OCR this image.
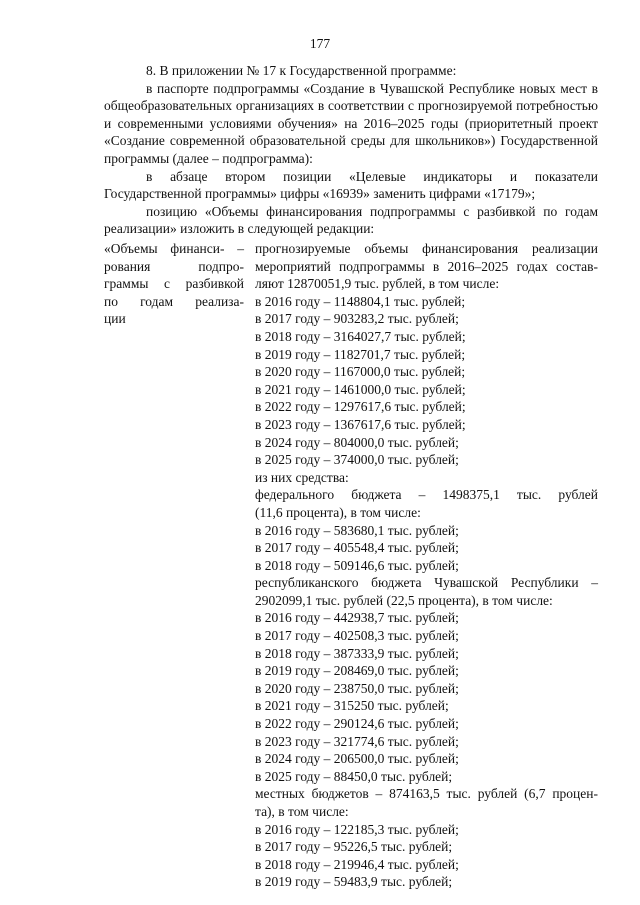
177

8. В приложении № 17 к Государственной программе:

в паспорте подпрограммы «Создание в Чувашской Республике новых мест в общеобразовательных организациях в соответствии с прогнозируемой потребностью и современными условиями обучения» на 2016–2025 годы (приоритетный проект «Создание современной образовательной среды для школьников») Государственной программы (далее – подпрограмма):

в абзаце втором позиции «Целевые индикаторы и показатели Государственной программы» цифры «16939» заменить цифрами «17179»;

позицию «Объемы финансирования подпрограммы с разбивкой по годам реализации» изложить в следующей редакции:

«Объемы финанси- –
рования подпро-
граммы с разбивкой
по годам реализа-
ции
прогнозируемые объемы финансирования реализации
мероприятий подпрограммы в 2016–2025 годах состав-
ляют 12870051,9 тыс. рублей, в том числе:
в 2016 году – 1148804,1 тыс. рублей;
в 2017 году – 903283,2 тыс. рублей;
в 2018 году – 3164027,7 тыс. рублей;
в 2019 году – 1182701,7 тыс. рублей;
в 2020 году – 1167000,0 тыс. рублей;
в 2021 году – 1461000,0 тыс. рублей;
в 2022 году – 1297617,6 тыс. рублей;
в 2023 году – 1367617,6 тыс. рублей;
в 2024 году – 804000,0 тыс. рублей;
в 2025 году – 374000,0 тыс. рублей;
из них средства:
федерального бюджета – 1498375,1 тыс. рублей
(11,6 процента), в том числе:
в 2016 году – 583680,1 тыс. рублей;
в 2017 году – 405548,4 тыс. рублей;
в 2018 году – 509146,6 тыс. рублей;
республиканского бюджета Чувашской Республики –
2902099,1 тыс. рублей (22,5 процента), в том числе:
в 2016 году – 442938,7 тыс. рублей;
в 2017 году – 402508,3 тыс. рублей;
в 2018 году – 387333,9 тыс. рублей;
в 2019 году – 208469,0 тыс. рублей;
в 2020 году – 238750,0 тыс. рублей;
в 2021 году – 315250 тыс. рублей;
в 2022 году – 290124,6 тыс. рублей;
в 2023 году – 321774,6 тыс. рублей;
в 2024 году – 206500,0 тыс. рублей;
в 2025 году – 88450,0 тыс. рублей;
местных бюджетов – 874163,5 тыс. рублей (6,7 процен-
та), в том числе:
в 2016 году – 122185,3 тыс. рублей;
в 2017 году – 95226,5 тыс. рублей;
в 2018 году – 219946,4 тыс. рублей;
в 2019 году – 59483,9 тыс. рублей;
